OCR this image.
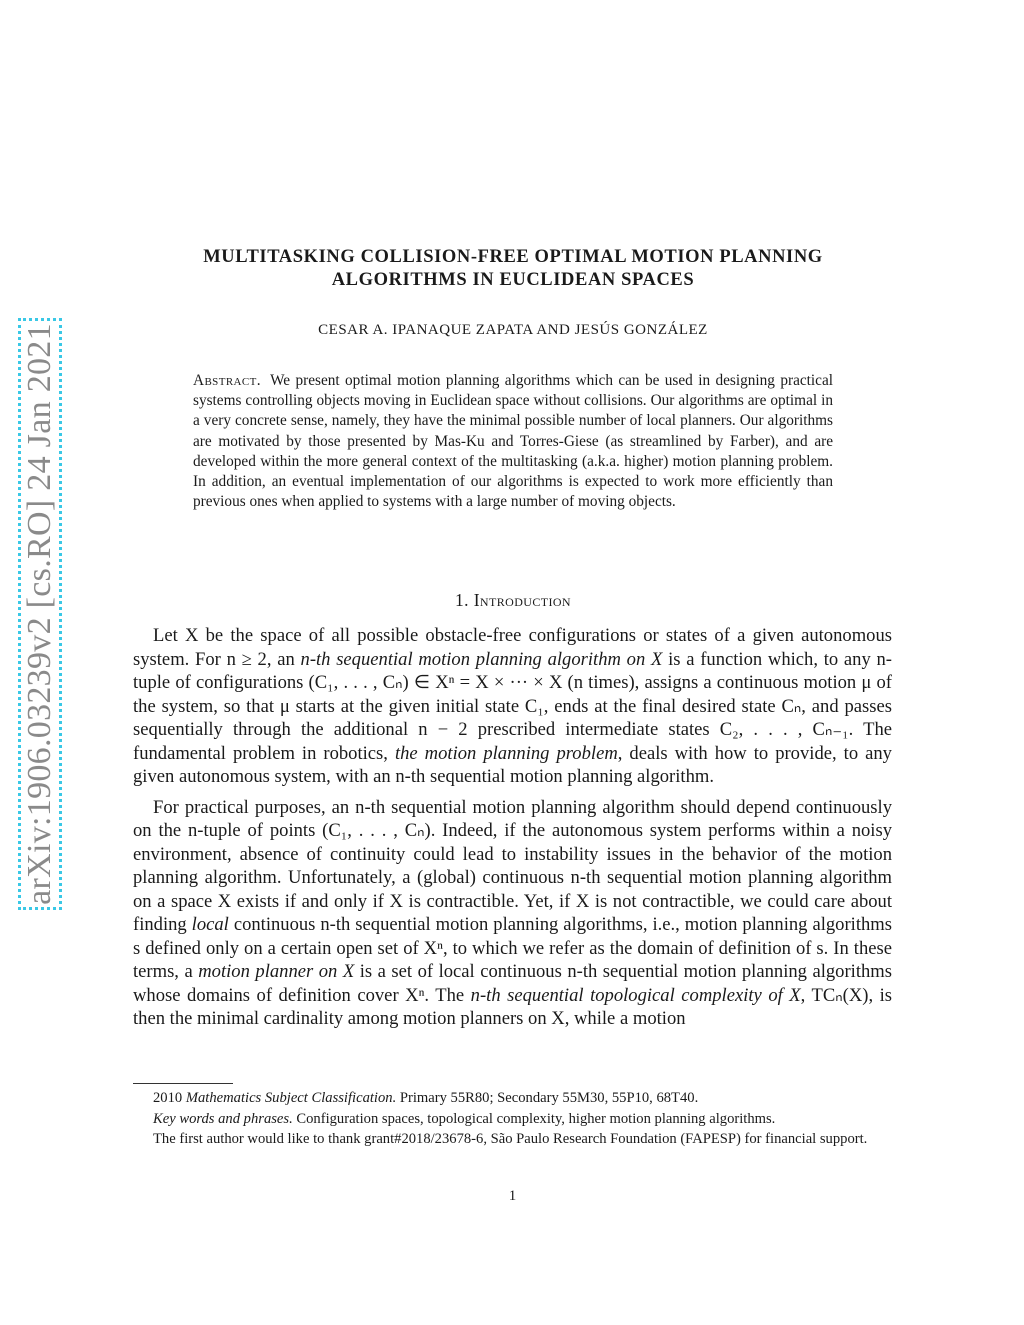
arXiv:1906.03239v2 [cs.RO] 24 Jan 2021
MULTITASKING COLLISION-FREE OPTIMAL MOTION PLANNING
ALGORITHMS IN EUCLIDEAN SPACES
CESAR A. IPANAQUE ZAPATA AND JESÚS GONZÁLEZ
Abstract. We present optimal motion planning algorithms which can be used in designing practical systems controlling objects moving in Euclidean space without collisions. Our algorithms are optimal in a very concrete sense, namely, they have the minimal possible number of local planners. Our algorithms are motivated by those presented by Mas-Ku and Torres-Giese (as streamlined by Farber), and are developed within the more general context of the multitasking (a.k.a. higher) motion planning problem. In addition, an eventual implementation of our algorithms is expected to work more efficiently than previous ones when applied to systems with a large number of moving objects.
1. Introduction

Let X be the space of all possible obstacle-free configurations or states of a given autonomous system. For n ≥ 2, an n-th sequential motion planning algorithm on X is a function which, to any n-tuple of configurations (C₁, . . . , Cₙ) ∈ Xⁿ = X × ··· × X (n times), assigns a continuous motion μ of the system, so that μ starts at the given initial state C₁, ends at the final desired state Cₙ, and passes sequentially through the additional n − 2 prescribed intermediate states C₂, . . . , Cₙ₋₁. The fundamental problem in robotics, the motion planning problem, deals with how to provide, to any given autonomous system, with an n-th sequential motion planning algorithm.

For practical purposes, an n-th sequential motion planning algorithm should depend continuously on the n-tuple of points (C₁, . . . , Cₙ). Indeed, if the autonomous system performs within a noisy environment, absence of continuity could lead to instability issues in the behavior of the motion planning algorithm. Unfortunately, a (global) continuous n-th sequential motion planning algorithm on a space X exists if and only if X is contractible. Yet, if X is not contractible, we could care about finding local continuous n-th sequential motion planning algorithms, i.e., motion planning algorithms s defined only on a certain open set of Xⁿ, to which we refer as the domain of definition of s. In these terms, a motion planner on X is a set of local continuous n-th sequential motion planning algorithms whose domains of definition cover Xⁿ. The n-th sequential topological complexity of X, TCₙ(X), is then the minimal cardinality among motion planners on X, while a motion

2010 Mathematics Subject Classification. Primary 55R80; Secondary 55M30, 55P10, 68T40.

Key words and phrases. Configuration spaces, topological complexity, higher motion planning algorithms.

The first author would like to thank grant#2018/23678-6, São Paulo Research Foundation (FAPESP) for financial support.

1
